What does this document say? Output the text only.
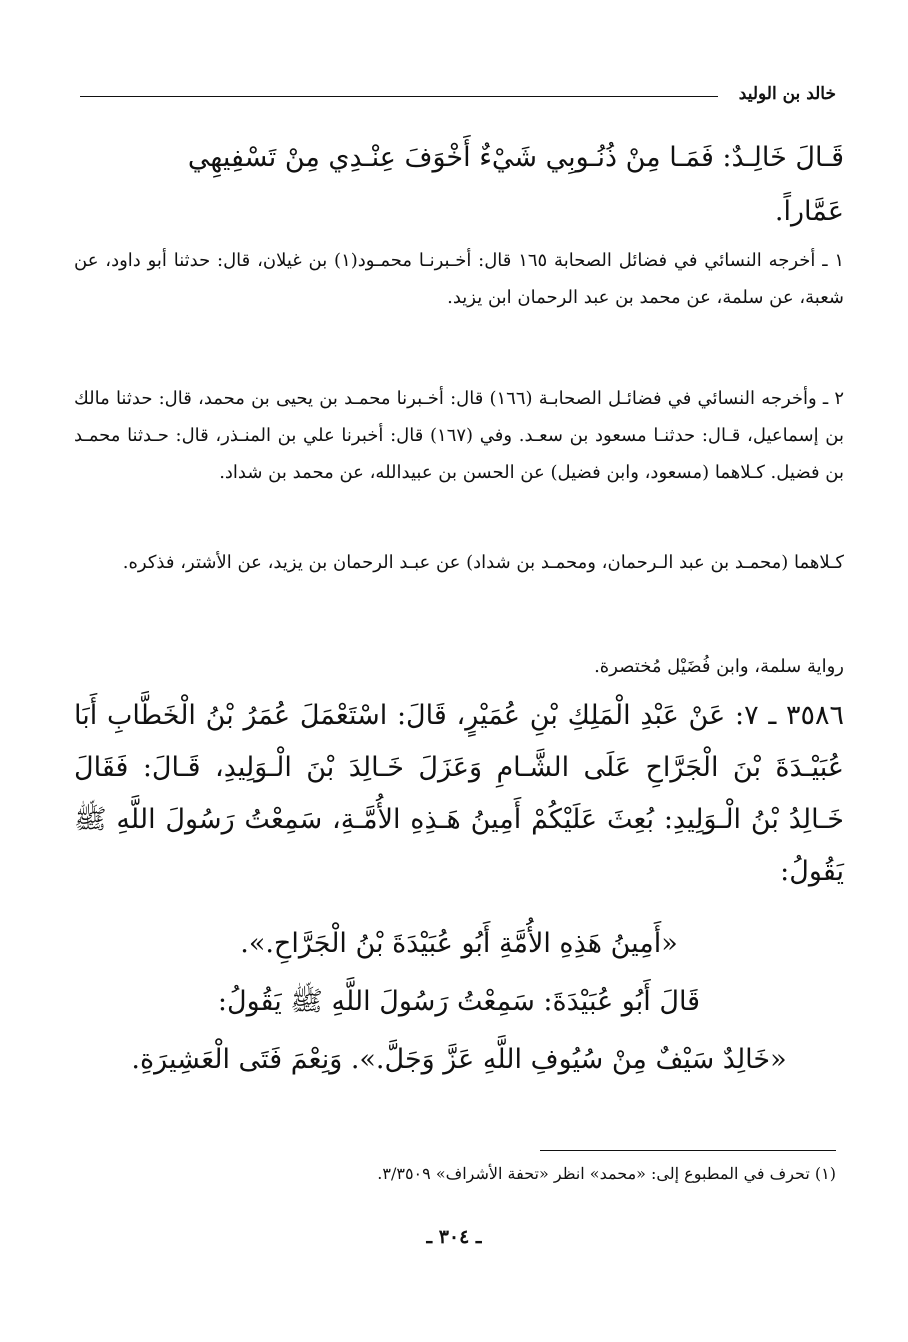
خالد بن الوليد

قَـالَ خَالِـدٌ: فَمَـا مِنْ ذُنُـوبِي شَيْءٌ أَخْوَفَ عِنْـدِي مِنْ تَسْفِيهِي

عَمَّاراً.

١ ـ أخرجه النسائي في فضائل الصحابة ١٦٥ قال: أخـبرنـا محمـود(١) بن غيلان، قال: حدثنا أبو داود، عن شعبة، عن سلمة، عن محمد بن عبد الرحمان ابن يزيد.

٢ ـ وأخرجه النسائي في فضائـل الصحابـة (١٦٦) قال: أخـبرنا محمـد بن يحيى بن محمد، قال: حدثنا مالك بن إسماعيل، قـال: حدثنـا مسعود بن سعـد. وفي (١٦٧) قال: أخبرنا علي بن المنـذر، قال: حـدثنا محمـد بن فضيل. كـلاهما (مسعود، وابن فضيل) عن الحسن بن عبيدالله، عن محمد بن شداد.

كـلاهما (محمـد بن عبد الـرحمان، ومحمـد بن شداد) عن عبـد الرحمان بن يزيد، عن الأشتر، فذكره.

رواية سلمة، وابن فُضَيْل مُختصرة.

٣٥٨٦ ـ ٧: عَنْ عَبْدِ الْمَلِكِ بْنِ عُمَيْرٍ، قَالَ: اسْتَعْمَلَ عُمَرُ بْنُ الْخَطَّابِ أَبَا عُبَيْـدَةَ بْنَ الْجَرَّاحِ عَلَى الشَّـامِ وَعَزَلَ خَـالِدَ بْنَ الْـوَلِيدِ، قَـالَ: فَقَالَ خَـالِدُ بْنُ الْـوَلِيدِ: بُعِثَ عَلَيْكُمْ أَمِينُ هَـذِهِ الأُمَّـةِ، سَمِعْتُ رَسُولَ اللَّهِ ﷺ يَقُولُ:

«أَمِينُ هَذِهِ الأُمَّةِ أَبُو عُبَيْدَةَ بْنُ الْجَرَّاحِ.».

قَالَ أَبُو عُبَيْدَةَ: سَمِعْتُ رَسُولَ اللَّهِ ﷺ يَقُولُ:

«خَالِدٌ سَيْفٌ مِنْ سُيُوفِ اللَّهِ عَزَّ وَجَلَّ.». وَنِعْمَ فَتَى الْعَشِيرَةِ.

(١) تحرف في المطبوع إلى: «محمد» انظر «تحفة الأشراف» ٣/٣٥٠٩.

ـ ٣٠٤ ـ
